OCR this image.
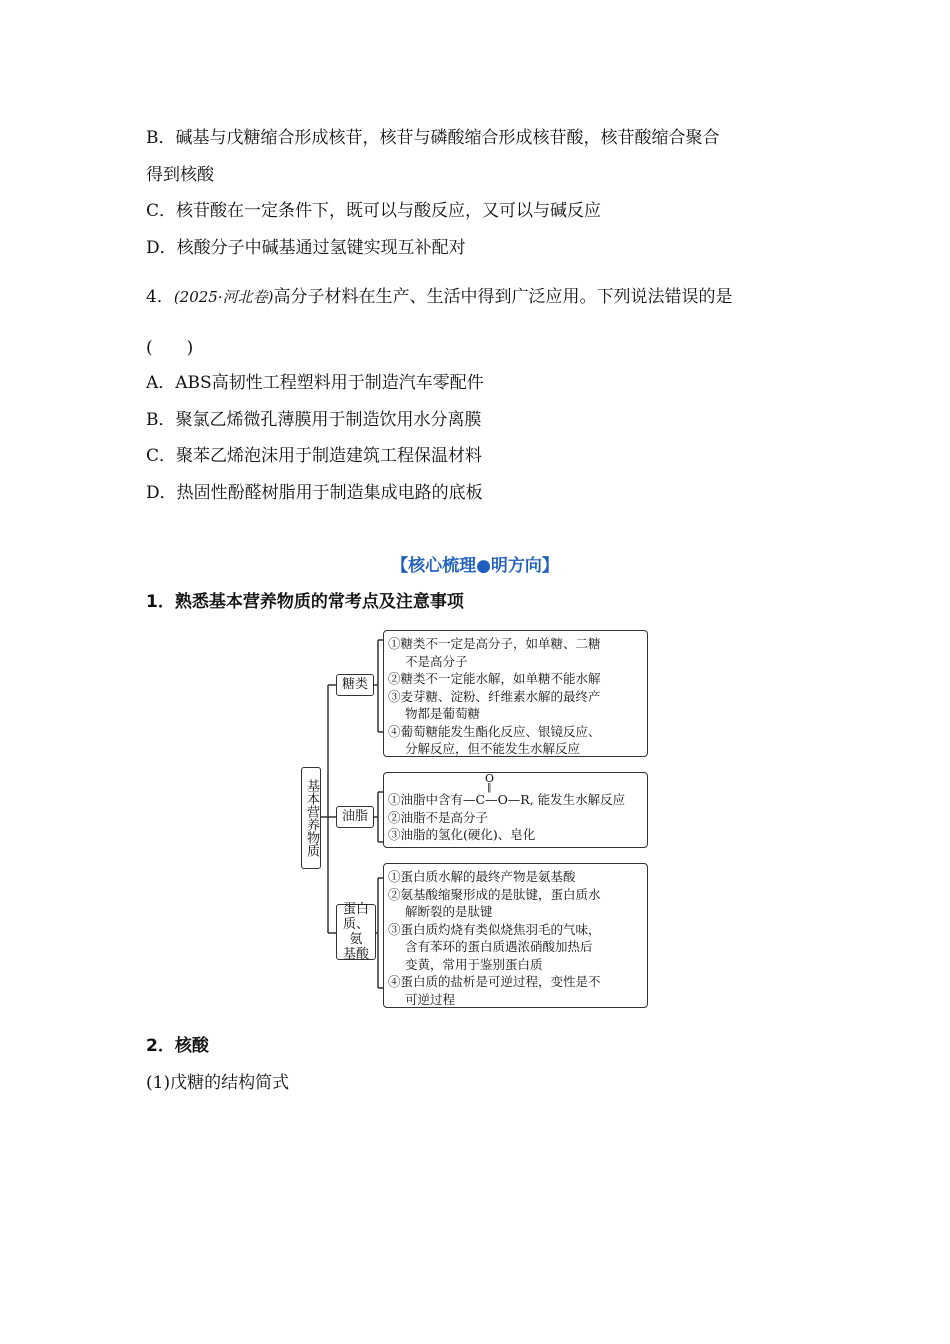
B．碱基与戊糖缩合形成核苷，核苷与磷酸缩合形成核苷酸，核苷酸缩合聚合
得到核酸
C．核苷酸在一定条件下，既可以与酸反应，又可以与碱反应
D．核酸分子中碱基通过氢键实现互补配对
4．(2025·河北卷)高分子材料在生产、生活中得到广泛应用。下列说法错误的是
(　　)
A．ABS高韧性工程塑料用于制造汽车零配件
B．聚氯乙烯微孔薄膜用于制造饮用水分离膜
C．聚苯乙烯泡沫用于制造建筑工程保温材料
D．热固性酚醛树脂用于制造集成电路的底板
【核心梳理●明方向】
1．熟悉基本营养物质的常考点及注意事项
基本营养物质
糖类
油脂
蛋白
质、氨
基酸
①糖类不一定是高分子，如单糖、二糖
不是高分子
②糖类不一定能水解，如单糖不能水解
③麦芽糖、淀粉、纤维素水解的最终产
物都是葡萄糖
④葡萄糖能发生酯化反应、银镜反应、
分解反应，但不能发生水解反应
O
‖
①油脂中含有—C—O—R, 能发生水解反应
②油脂不是高分子
③油脂的氢化(硬化)、皂化
①蛋白质水解的最终产物是氨基酸
②氨基酸缩聚形成的是肽键，蛋白质水
解断裂的是肽键
③蛋白质灼烧有类似烧焦羽毛的气味，
含有苯环的蛋白质遇浓硝酸加热后
变黄，常用于鉴别蛋白质
④蛋白质的盐析是可逆过程，变性是不
可逆过程
2．核酸
(1)戊糖的结构简式
